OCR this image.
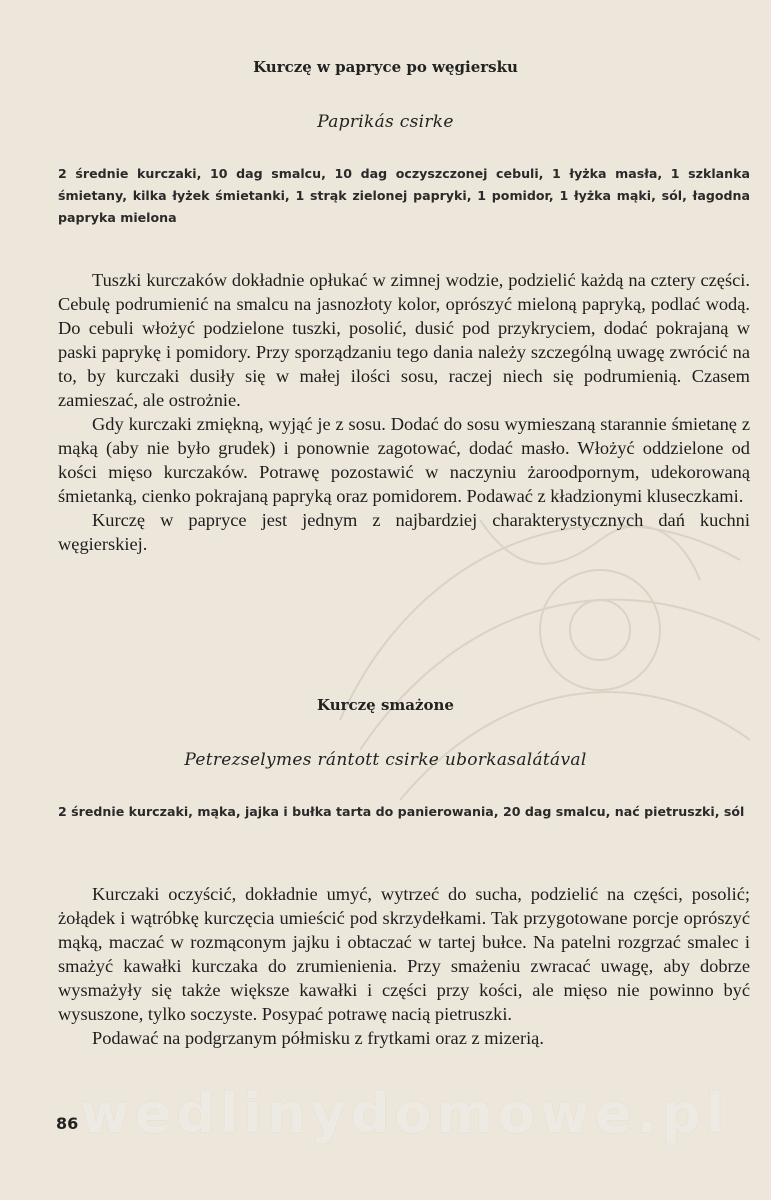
Kurczę w papryce po węgiersku
Paprikás csirke
2 średnie kurczaki, 10 dag smalcu, 10 dag oczyszczonej cebuli, 1 łyżka masła, 1 szklanka śmietany, kilka łyżek śmietanki, 1 strąk zielonej papryki, 1 pomidor, 1 łyżka mąki, sól, łagodna papryka mielona

Tuszki kurczaków dokładnie opłukać w zimnej wodzie, podzielić każdą na cztery części. Cebulę podrumienić na smalcu na jasnozłoty kolor, oprószyć mieloną papryką, podlać wodą. Do cebuli włożyć podzielone tuszki, posolić, dusić pod przykryciem, dodać pokrajaną w paski paprykę i pomidory. Przy sporządzaniu tego dania należy szczególną uwagę zwrócić na to, by kurczaki dusiły się w małej ilości sosu, raczej niech się podrumienią. Czasem zamieszać, ale ostrożnie.

Gdy kurczaki zmiękną, wyjąć je z sosu. Dodać do sosu wymieszaną starannie śmietanę z mąką (aby nie było grudek) i ponownie zagotować, dodać masło. Włożyć oddzielone od kości mięso kurczaków. Potrawę pozostawić w naczyniu żaroodpornym, udekorowaną śmietanką, cienko pokrajaną papryką oraz pomidorem. Podawać z kładzionymi kluseczkami.

Kurczę w papryce jest jednym z najbardziej charakterystycznych dań kuchni węgierskiej.

Kurczę smażone
Petrezselymes rántott csirke uborkasalátával
2 średnie kurczaki, mąka, jajka i bułka tarta do panierowania, 20 dag smalcu, nać pietruszki, sól

Kurczaki oczyścić, dokładnie umyć, wytrzeć do sucha, podzielić na części, posolić; żołądek i wątróbkę kurczęcia umieścić pod skrzydełkami. Tak przygotowane porcje oprószyć mąką, maczać w rozmąconym jajku i obtaczać w tartej bułce. Na patelni rozgrzać smalec i smażyć kawałki kurczaka do zrumienienia. Przy smażeniu zwracać uwagę, aby dobrze wysmażyły się także większe kawałki i części przy kości, ale mięso nie powinno być wysuszone, tylko soczyste. Posypać potrawę nacią pietruszki.

Podawać na podgrzanym półmisku z frytkami oraz z mizerią.

wedlinydomowe.pl
86
